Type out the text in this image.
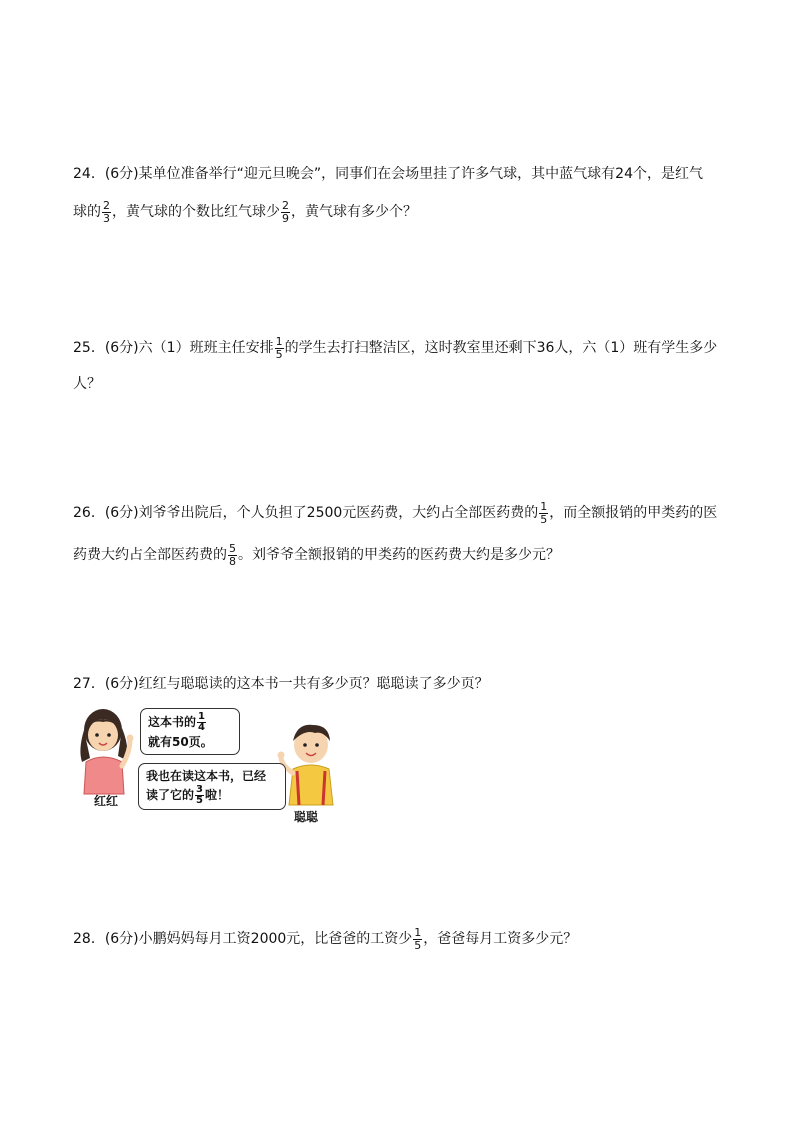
24．(6分)某单位准备举行“迎元旦晚会”，同事们在会场里挂了许多气球，其中蓝气球有24个，是红气
球的 $\frac{2}{3}$ ，黄气球的个数比红气球少 $\frac{2}{9}$ ，黄气球有多少个？
25．(6分)六（1）班班主任安排 $\frac{1}{5}$ 的学生去打扫整洁区，这时教室里还剩下36人，六（1）班有学生多少
人？
26．(6分)刘爷爷出院后，个人负担了2500元医药费，大约占全部医药费的 $\frac{1}{5}$ ，而全额报销的甲类药的医
药费大约占全部医药费的 $\frac{5}{8}$ 。刘爷爷全额报销的甲类药的医药费大约是多少元？
27．(6分)红红与聪聪读的这本书一共有多少页？聪聪读了多少页？
这本书的 $\frac{1}{4}$
就有50页。
我也在读这本书，已经
读了它的 $\frac{3}{5}$ 啦！
红红
聪聪
28．(6分)小鹏妈妈每月工资2000元，比爸爸的工资少 $\frac{1}{5}$ ，爸爸每月工资多少元？
